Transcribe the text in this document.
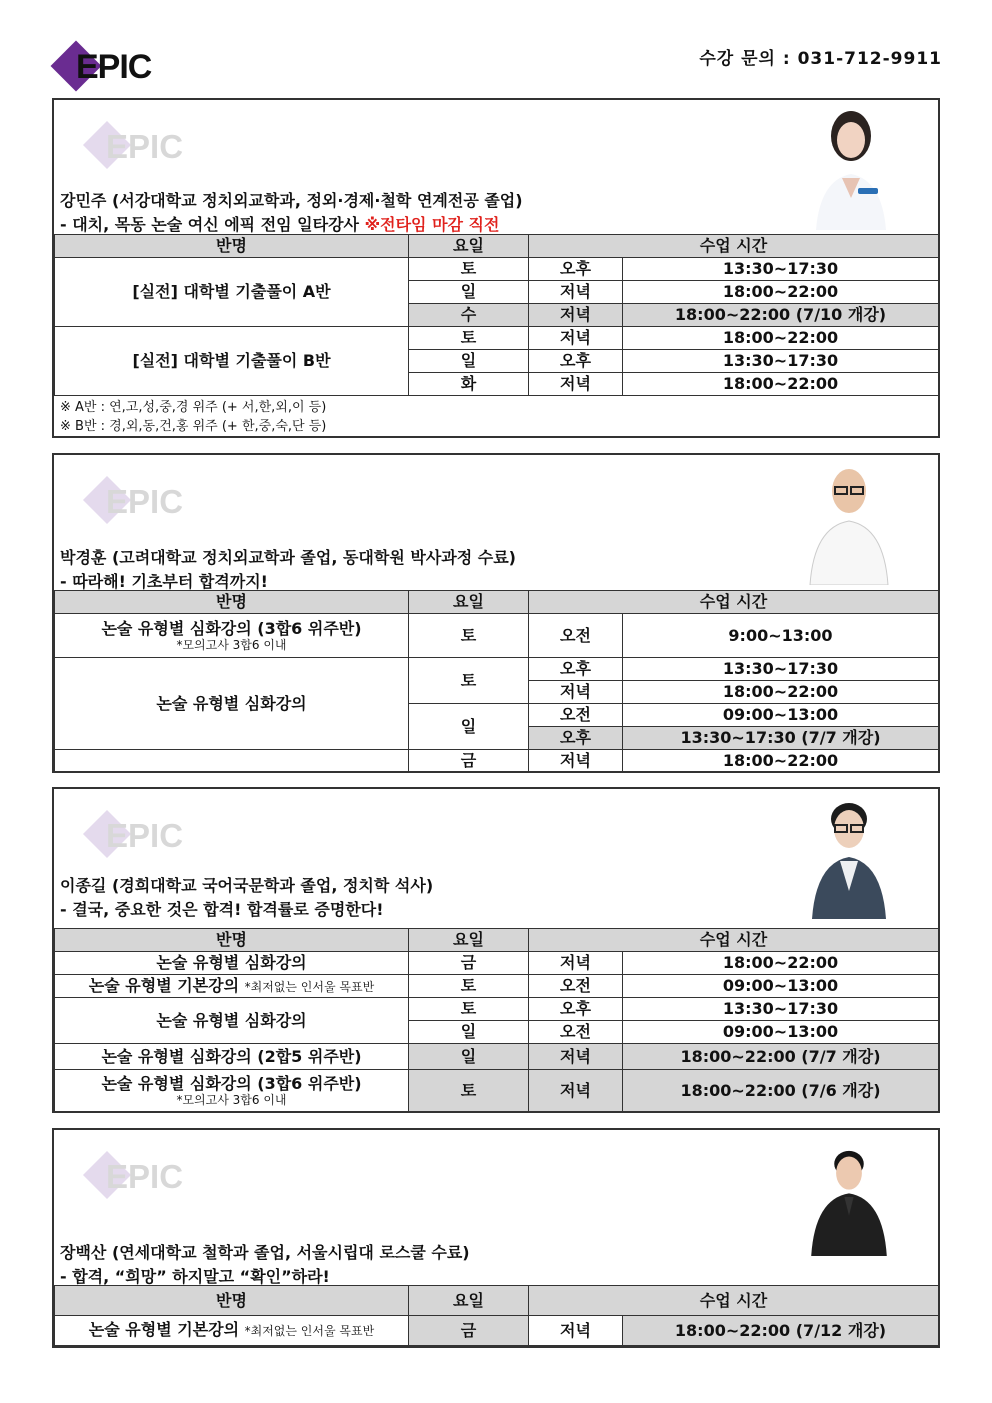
EPIC	수강 문의 : 031-712-9911
EPIC
강민주 (서강대학교 정치외교학과, 정외·경제·철학 연계전공 졸업)
- 대치, 목동 논술 여신 에픽 전임 일타강사 ※전타임 마감 직전
반명	요일	수업 시간	
[실전] 대학별 기출풀이 A반	토	오후	13:30~17:30
	일	저녁	18:00~22:00
	수	저녁	18:00~22:00 (7/10 개강)
[실전] 대학별 기출풀이 B반	토	저녁	18:00~22:00
	일	오후	13:30~17:30
	화	저녁	18:00~22:00
※ A반 : 연,고,성,중,경 위주 (+ 서,한,외,이 등)
※ B반 : 경,외,동,건,홍 위주 (+ 한,중,숙,단 등)
EPIC
박경훈 (고려대학교 정치외교학과 졸업, 동대학원 박사과정 수료)
- 따라해! 기초부터 합격까지!
반명	요일	수업 시간	
논술 유형별 심화강의 (3합6 위주반)
*모의고사 3합6 이내	토	오전	9:00~13:00
논술 유형별 심화강의	토	오후	13:30~17:30
		저녁	18:00~22:00
	일	오전	09:00~13:00
		오후	13:30~17:30 (7/7 개강)
	금	저녁	18:00~22:00
EPIC
이종길 (경희대학교 국어국문학과 졸업, 정치학 석사)
- 결국, 중요한 것은 합격! 합격률로 증명한다!
반명	요일	수업 시간	
논술 유형별 심화강의	금	저녁	18:00~22:00
논술 유형별 기본강의 *최저없는 인서울 목표반	토	오전	09:00~13:00
논술 유형별 심화강의	토	오후	13:30~17:30
	일	오전	09:00~13:00
논술 유형별 심화강의 (2합5 위주반)	일	저녁	18:00~22:00 (7/7 개강)
논술 유형별 심화강의 (3합6 위주반)
*모의고사 3합6 이내	토	저녁	18:00~22:00 (7/6 개강)
EPIC
장백산 (연세대학교 철학과 졸업, 서울시립대 로스쿨 수료)
- 합격, “희망” 하지말고 “확인”하라!
반명	요일	수업 시간	
논술 유형별 기본강의 *최저없는 인서울 목표반	금	저녁	18:00~22:00 (7/12 개강)
